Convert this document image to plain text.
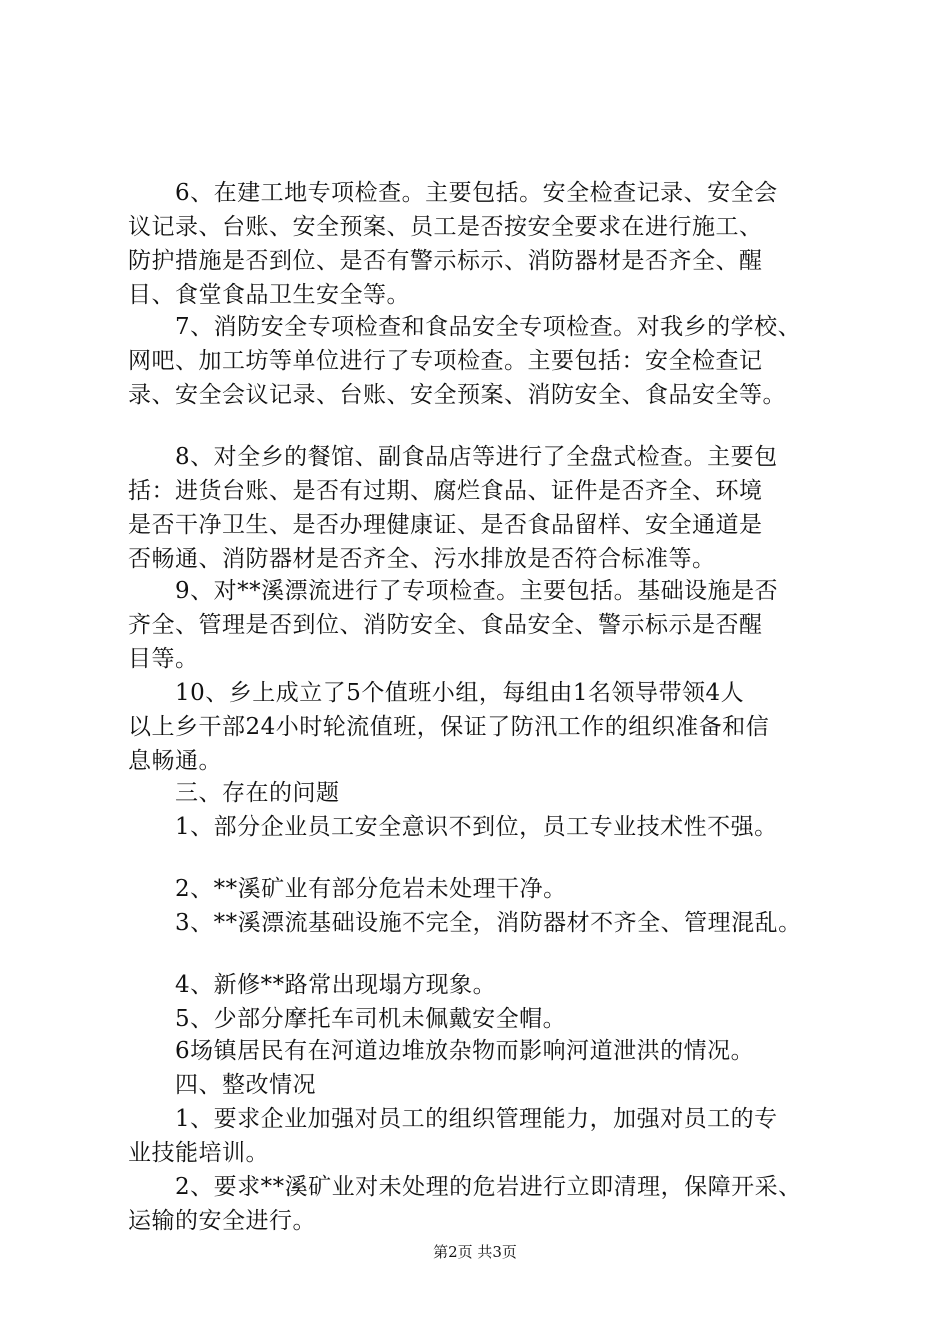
　　6、在建工地专项检查。主要包括。安全检查记录、安全会
议记录、台账、安全预案、员工是否按安全要求在进行施工、
防护措施是否到位、是否有警示标示、消防器材是否齐全、醒
目、食堂食品卫生安全等。
　　7、消防安全专项检查和食品安全专项检查。对我乡的学校、
网吧、加工坊等单位进行了专项检查。主要包括：安全检查记
录、安全会议记录、台账、安全预案、消防安全、食品安全等。
　　8、对全乡的餐馆、副食品店等进行了全盘式检查。主要包
括：进货台账、是否有过期、腐烂食品、证件是否齐全、环境
是否干净卫生、是否办理健康证、是否食品留样、安全通道是
否畅通、消防器材是否齐全、污水排放是否符合标准等。
　　9、对**溪漂流进行了专项检查。主要包括。基础设施是否
齐全、管理是否到位、消防安全、食品安全、警示标示是否醒
目等。
　　10、乡上成立了5个值班小组，每组由1名领导带领4人
以上乡干部24小时轮流值班，保证了防汛工作的组织准备和信
息畅通。
　　三、存在的问题
　　1、部分企业员工安全意识不到位，员工专业技术性不强。
　　2、**溪矿业有部分危岩未处理干净。
　　3、**溪漂流基础设施不完全，消防器材不齐全、管理混乱。
　　4、新修**路常出现塌方现象。
　　5、少部分摩托车司机未佩戴安全帽。
　　6场镇居民有在河道边堆放杂物而影响河道泄洪的情况。
　　四、整改情况
　　1、要求企业加强对员工的组织管理能力，加强对员工的专
业技能培训。
　　2、要求**溪矿业对未处理的危岩进行立即清理，保障开采、
运输的安全进行。
第2页 共3页
